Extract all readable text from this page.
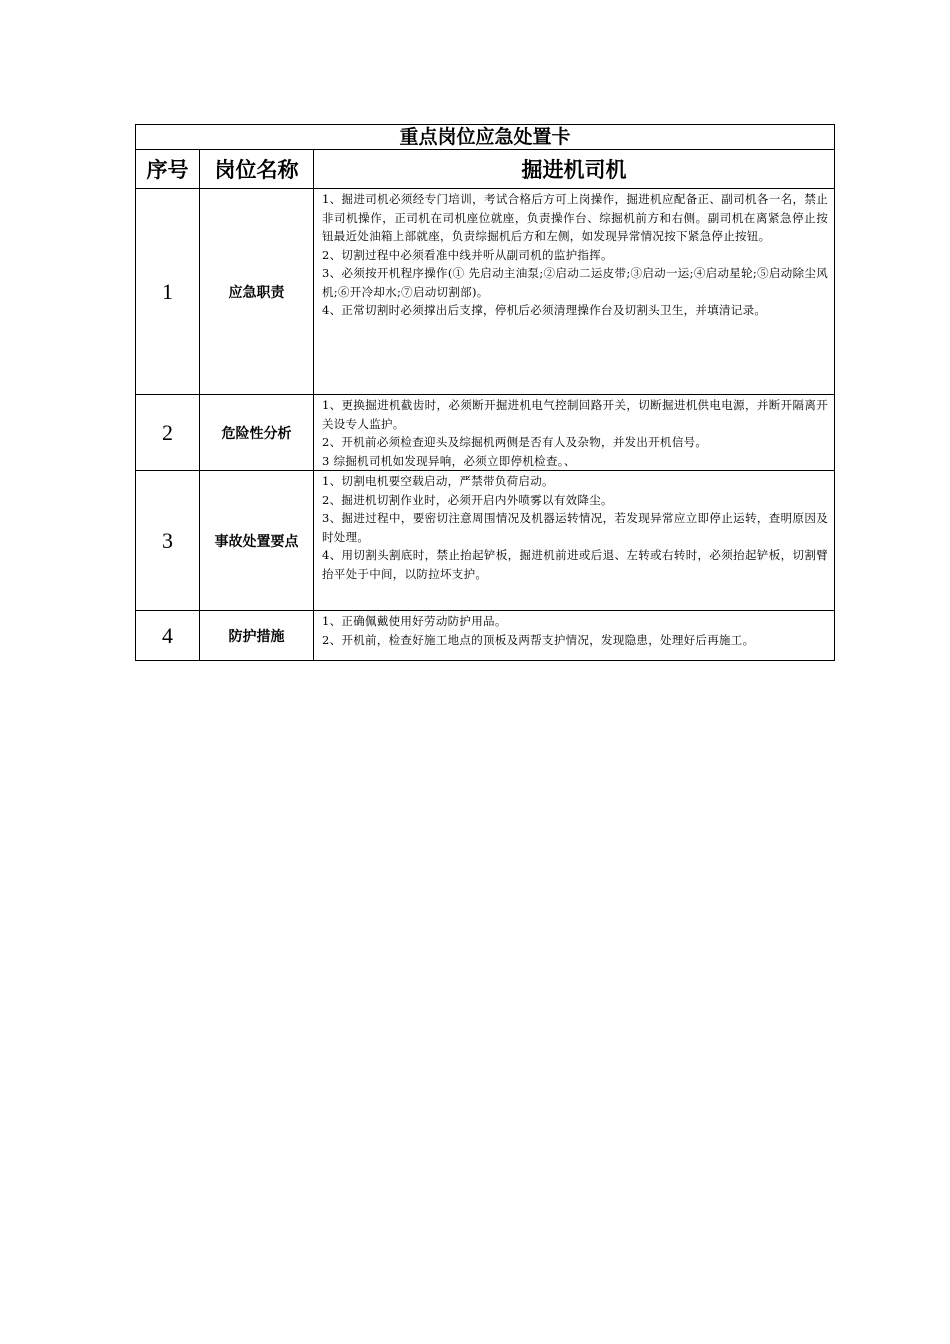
重点岗位应急处置卡		
序号	岗位名称	掘进机司机
1	应急职责	1、掘进司机必须经专门培训，考试合格后方可上岗操作，掘进机应配备正、副司机各一名，禁止非司机操作，正司机在司机座位就座，负责操作台、综掘机前方和右侧。副司机在离紧急停止按钮最近处油箱上部就座，负责综掘机后方和左侧，如发现异常情况按下紧急停止按钮。

2、切割过程中必须看准中线并听从副司机的监护指挥。

3、必须按开机程序操作(① 先启动主油泵;②启动二运皮带;③启动一运;④启动星轮;⑤启动除尘风机;⑥开冷却水;⑦启动切割部)。

4、正常切割时必须撑出后支撑，停机后必须清理操作台及切割头卫生，并填清记录。

2	危险性分析	1、更换掘进机截齿时，必须断开掘进机电气控制回路开关，切断掘进机供电电源，并断开隔离开关设专人监护。

2、开机前必须检查迎头及综掘机两侧是否有人及杂物，并发出开机信号。

3 综掘机司机如发现异响，必须立即停机检查。、

3	事故处置要点	1、切割电机要空载启动，严禁带负荷启动。

2、掘进机切割作业时，必须开启内外喷雾以有效降尘。

3、掘进过程中，要密切注意周围情况及机器运转情况，若发现异常应立即停止运转，查明原因及时处理。

4、用切割头割底时，禁止抬起铲板，掘进机前进或后退、左转或右转时，必须抬起铲板，切割臂抬平处于中间，以防拉坏支护。

4	防护措施	1、正确佩戴使用好劳动防护用品。

2、开机前，检查好施工地点的顶板及两帮支护情况，发现隐患，处理好后再施工。
